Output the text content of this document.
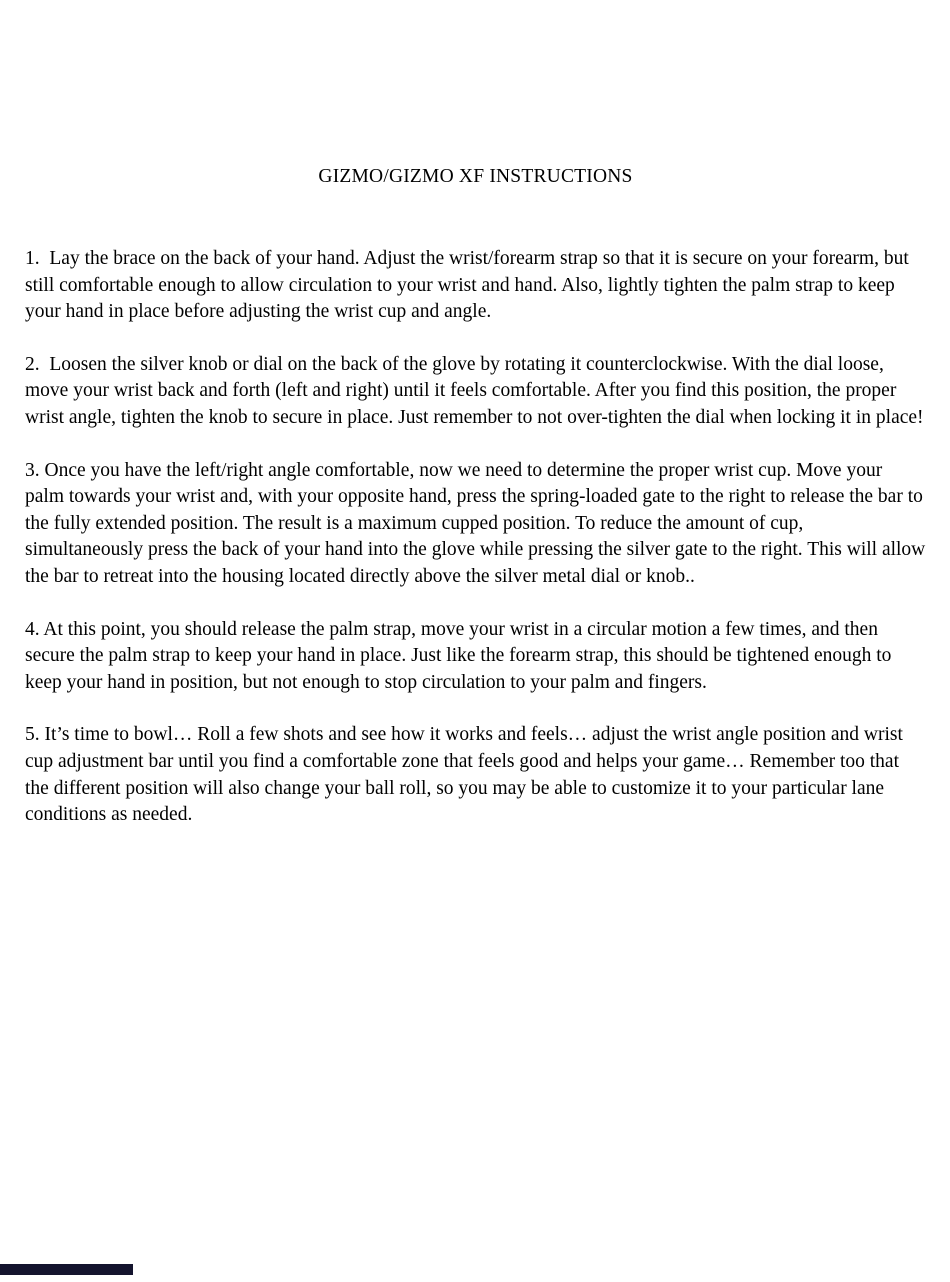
GIZMO/GIZMO XF INSTRUCTIONS

1.  Lay the brace on the back of your hand. Adjust the wrist/forearm strap so that it is secure on your forearm, but still comfortable enough to allow circulation to your wrist and hand. Also, lightly tighten the palm strap to keep your hand in place before adjusting the wrist cup and angle.

2.  Loosen the silver knob or dial on the back of the glove by rotating it counterclockwise. With the dial loose, move your wrist back and forth (left and right) until it feels comfortable. After you find this position, the proper wrist angle, tighten the knob to secure in place. Just remember to not over-tighten the dial when locking it in place!

3. Once you have the left/right angle comfortable, now we need to determine the proper wrist cup. Move your palm towards your wrist and, with your opposite hand, press the spring-loaded gate to the right to release the bar to the fully extended position. The result is a maximum cupped position. To reduce the amount of cup, simultaneously press the back of your hand into the glove while pressing the silver gate to the right. This will allow the bar to retreat into the housing located directly above the silver metal dial or knob..

4. At this point, you should release the palm strap, move your wrist in a circular motion a few times, and then secure the palm strap to keep your hand in place. Just like the forearm strap, this should be tightened enough to keep your hand in position, but not enough to stop circulation to your palm and fingers.

5. It’s time to bowl… Roll a few shots and see how it works and feels… adjust the wrist angle position and wrist cup adjustment bar until you find a comfortable zone that feels good and helps your game… Remember too that the different position will also change your ball roll, so you may be able to customize it to your particular lane conditions as needed.
